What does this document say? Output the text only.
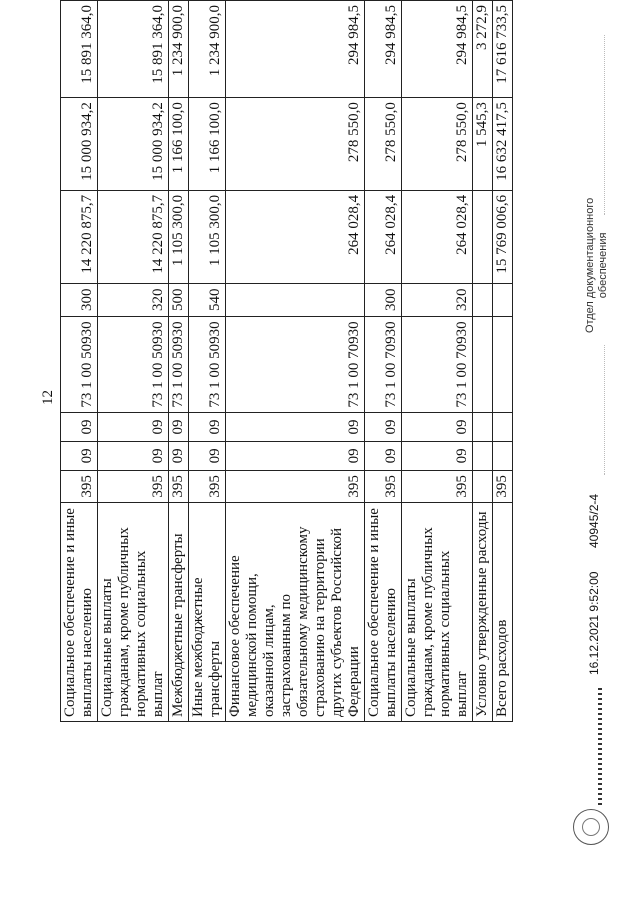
12
Социальное обеспечение и иные выплаты населению	395	09	09	73 1 00 50930	300	14 220 875,7	15 000 934,2	15 891 364,0
Социальные выплаты гражданам, кроме публичных нормативных социальных выплат	395	09	09	73 1 00 50930	320	14 220 875,7	15 000 934,2	15 891 364,0
Межбюджетные трансферты	395	09	09	73 1 00 50930	500	1 105 300,0	1 166 100,0	1 234 900,0
Иные межбюджетные трансферты	395	09	09	73 1 00 50930	540	1 105 300,0	1 166 100,0	1 234 900,0
Финансовое обеспечение медицинской помощи, оказанной лицам, застрахованным по обязательному медицинскому страхованию на территории других субъектов Российской Федерации	395	09	09	73 1 00 70930		264 028,4	278 550,0	294 984,5
Социальное обеспечение и иные выплаты населению	395	09	09	73 1 00 70930	300	264 028,4	278 550,0	294 984,5
Социальные выплаты гражданам, кроме публичных нормативных социальных выплат	395	09	09	73 1 00 70930	320	264 028,4	278 550,0	294 984,5
Условно утвержденные расходы							1 545,3	3 272,9
Всего расходов	395					15 769 006,6	16 632 417,5	17 616 733,5
16.12.2021 9:52:00
40945/2-4
Отдел документационного обеспечения
